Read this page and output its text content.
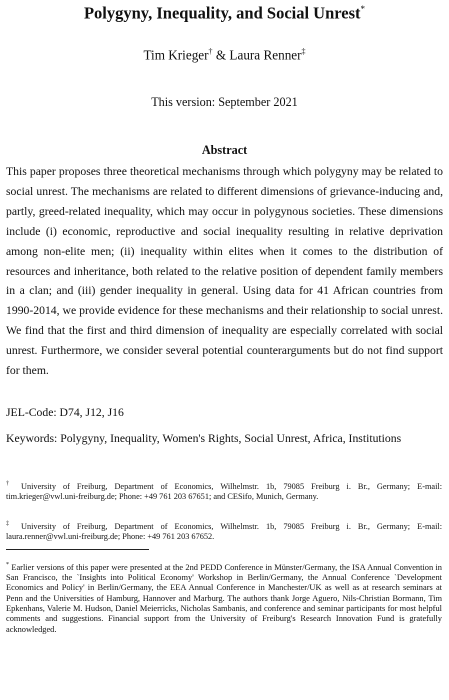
Polygyny, Inequality, and Social Unrest*
Tim Krieger† & Laura Renner‡
This version: September 2021
Abstract

This paper proposes three theoretical mechanisms through which polygyny may be related to social unrest. The mechanisms are related to different dimensions of grievance-inducing and, partly, greed-related inequality, which may occur in polygynous societies. These dimensions include (i) economic, reproductive and social inequality resulting in relative deprivation among non-elite men; (ii) inequality within elites when it comes to the distribution of resources and inheritance, both related to the relative position of dependent family members in a clan; and (iii) gender inequality in general. Using data for 41 African countries from 1990-2014, we provide evidence for these mechanisms and their relationship to social unrest. We find that the first and third dimension of inequality are especially correlated with social unrest. Furthermore, we consider several potential counterarguments but do not find support for them.

JEL-Code: D74, J12, J16
Keywords: Polygyny, Inequality, Women's Rights, Social Unrest, Africa, Institutions

† University of Freiburg, Department of Economics, Wilhelmstr. 1b, 79085 Freiburg i. Br., Germany; E-mail: tim.krieger@vwl.uni-freiburg.de; Phone: +49 761 203 67651; and CESifo, Munich, Germany.

‡ University of Freiburg, Department of Economics, Wilhelmstr. 1b, 79085 Freiburg i. Br., Germany; E-mail: laura.renner@vwl.uni-freiburg.de; Phone: +49 761 203 67652.

* Earlier versions of this paper were presented at the 2nd PEDD Conference in Münster/Germany, the ISA Annual Convention in San Francisco, the `Insights into Political Economy' Workshop in Berlin/Germany, the Annual Conference `Development Economics and Policy' in Berlin/Germany, the EEA Annual Conference in Manchester/UK as well as at research seminars at Penn and the Universities of Hamburg, Hannover and Marburg. The authors thank Jorge Aguero, Nils-Christian Bormann, Tim Epkenhans, Valerie M. Hudson, Daniel Meierricks, Nicholas Sambanis, and conference and seminar participants for most helpful comments and suggestions. Financial support from the University of Freiburg's Research Innovation Fund is gratefully acknowledged.
